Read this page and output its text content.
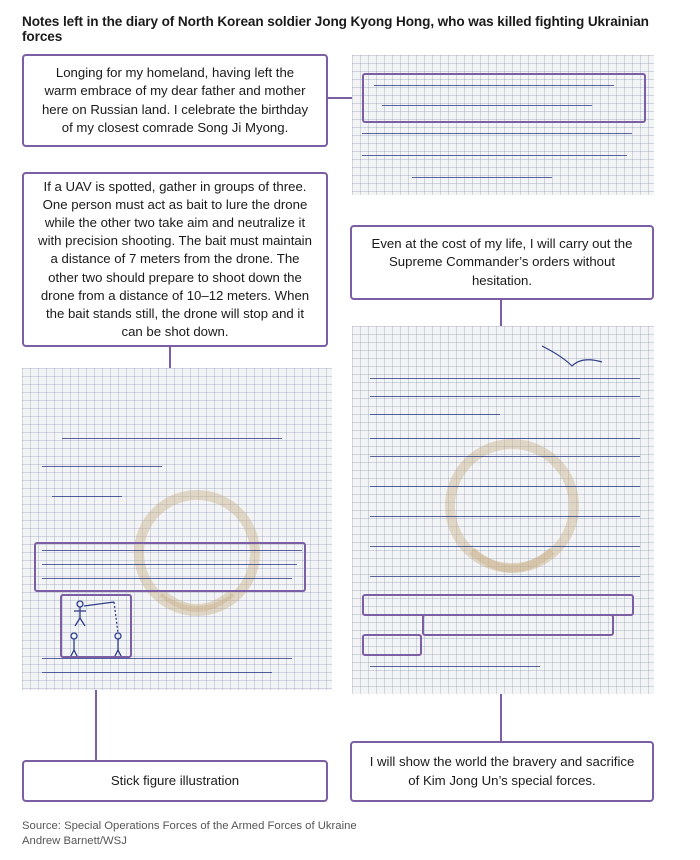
Notes left in the diary of North Korean soldier Jong Kyong Hong, who was killed fighting Ukrainian forces
Longing for my homeland, having left the warm embrace of my dear father and mother here on Russian land. I celebrate the birthday of my closest comrade Song Ji Myong.
If a UAV is spotted, gather in groups of three. One person must act as bait to lure the drone while the other two take aim and neutralize it with precision shooting. The bait must maintain a distance of 7 meters from the drone. The other two should prepare to shoot down the drone from a distance of 10–12 meters. When the bait stands still, the drone will stop and it can be shot down.
Even at the cost of my life, I will carry out the Supreme Commander’s orders without hesitation.
Stick figure illustration
I will show the world the bravery and sacrifice of Kim Jong Un’s special forces.
Source: Special Operations Forces of the Armed Forces of Ukraine
Andrew Barnett/WSJ
